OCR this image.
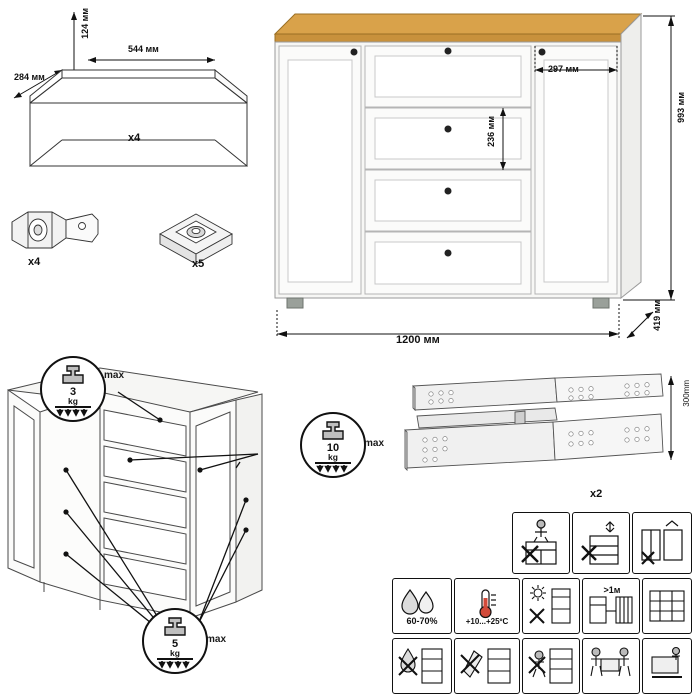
124 мм
544 мм
284 мм
x4
x4	x5
297 мм
236 мм
993 мм
1200 мм
419 мм
3
kg
max
10
kg
max
5
kg
max
300mm
x2
60-70%	+10...+25ºC
>1м
